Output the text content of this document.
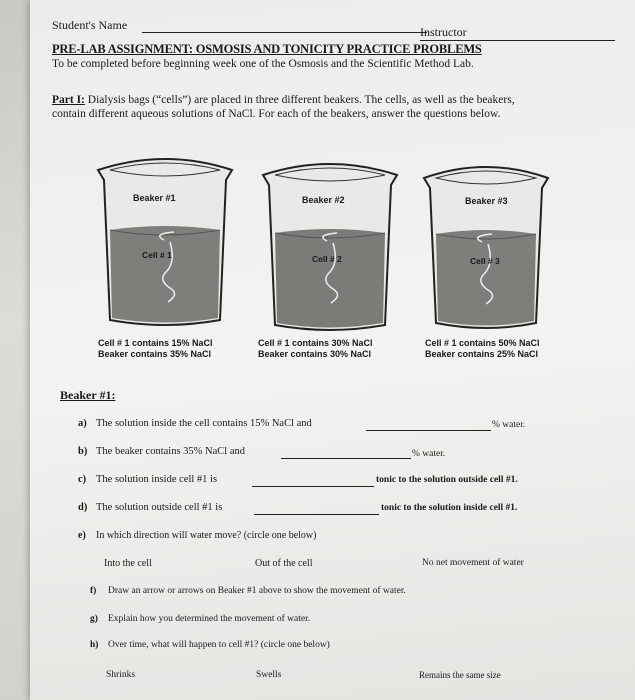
Student's Name	Instructor
PRE-LAB ASSIGNMENT: OSMOSIS AND TONICITY PRACTICE PROBLEMS
To be completed before beginning week one of the Osmosis and the Scientific Method Lab.
Part I: Dialysis bags (“cells”) are placed in three different beakers. The cells, as well as the beakers,
contain different aqueous solutions of NaCl. For each of the beakers, answer the questions below.
Beaker #1
Cell # 1
Beaker #2
Cell # 2
Beaker #3
Cell # 3
Cell # 1 contains 15% NaCl
Beaker contains 35% NaCl
Cell # 1 contains 30% NaCl
Beaker contains 30% NaCl
Cell # 1 contains 50% NaCl
Beaker contains 25% NaCl
Beaker #1:
a) The solution inside the cell contains 15% NaCl and	% water.
b) The beaker contains 35% NaCl and	% water.
c) The solution inside cell #1 is	tonic to the solution outside cell #1.
d) The solution outside cell #1 is	tonic to the solution inside cell #1.
e) In which direction will water move? (circle one below)
Into the cell	Out of the cell	No net movement of water
f) Draw an arrow or arrows on Beaker #1 above to show the movement of water.
g) Explain how you determined the movement of water.
h) Over time, what will happen to cell #1? (circle one below)
Shrinks	Swells	Remains the same size
